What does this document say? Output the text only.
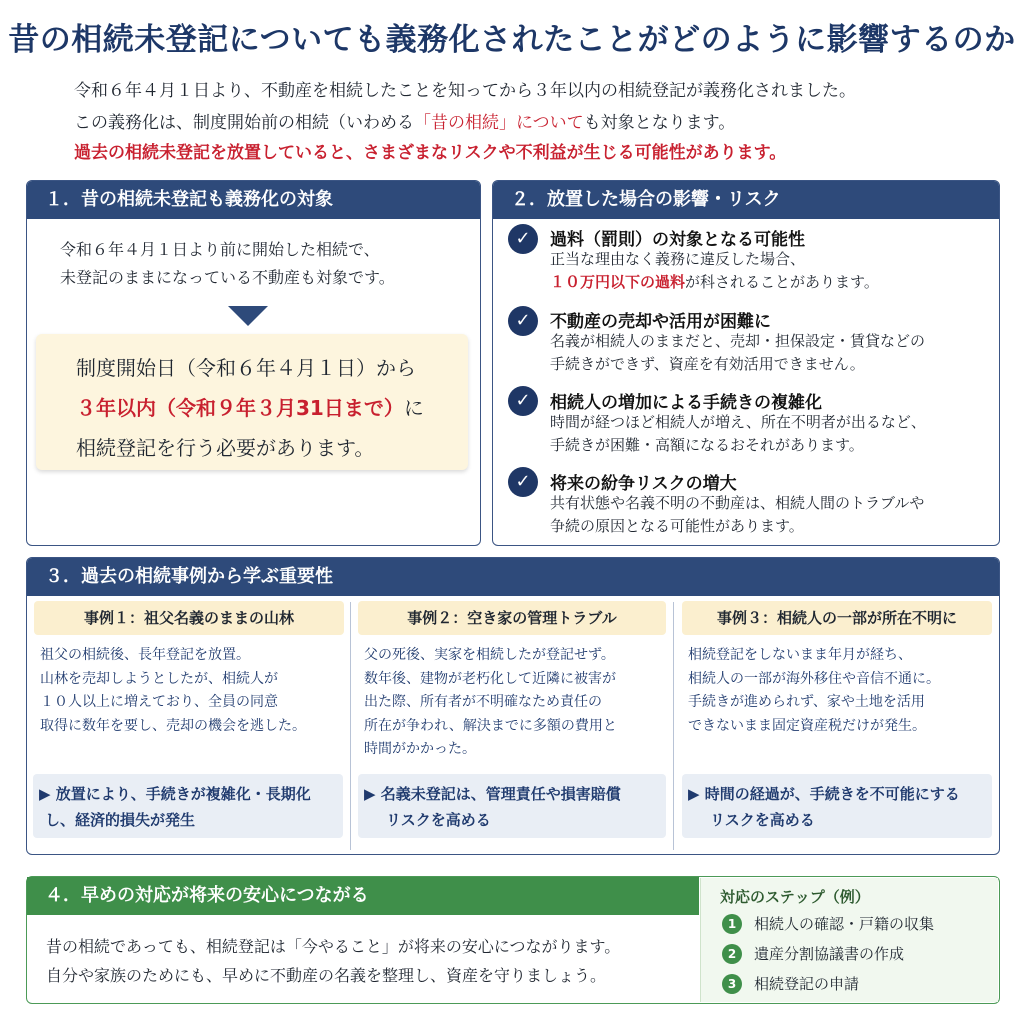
昔の相続未登記についても義務化されたことがどのように影響するのか
令和６年４月１日より、不動産を相続したことを知ってから３年以内の相続登記が義務化されました。
この義務化は、制度開始前の相続（いわめる「昔の相続」についても対象となります。
過去の相続未登記を放置していると、さまざまなリスクや不利益が生じる可能性があります。
１．昔の相続未登記も義務化の対象
令和６年４月１日より前に開始した相続で、
未登記のままになっている不動産も対象です。
制度開始日（令和６年４月１日）から
３年以内（令和９年３月31日まで）に
相続登記を行う必要があります。
２．放置した場合の影響・リスク
✓	過料（罰則）の対象となる可能性
正当な理由なく義務に違反した場合、
１０万円以下の過料が科されることがあります。
✓	不動産の売却や活用が困難に
名義が相続人のままだと、売却・担保設定・賃貸などの
手続きができず、資産を有効活用できません。
✓	相続人の増加による手続きの複雑化
時間が経つほど相続人が増え、所在不明者が出るなど、
手続きが困難・高額になるおそれがあります。
✓	将来の紛争リスクの増大
共有状態や名義不明の不動産は、相続人間のトラブルや
争続の原因となる可能性があります。
３．過去の相続事例から学ぶ重要性
事例１：祖父名義のままの山林
祖父の相続後、長年登記を放置。
山林を売却しようとしたが、相続人が
１０人以上に増えており、全員の同意
取得に数年を要し、売却の機会を逃した。
▶ 放置により、手続きが複雑化・長期化
し、経済的損失が発生
事例２：空き家の管理トラブル
父の死後、実家を相続したが登記せず。
数年後、建物が老朽化して近隣に被害が
出た際、所有者が不明確なため責任の
所在が争われ、解決までに多額の費用と
時間がかかった。
▶ 名義未登記は、管理責任や損害賠償
リスクを高める
事例３：相続人の一部が所在不明に
相続登記をしないまま年月が経ち、
相続人の一部が海外移住や音信不通に。
手続きが進められず、家や土地を活用
できないまま固定資産税だけが発生。
▶ 時間の経過が、手続きを不可能にする
リスクを高める
４．早めの対応が将来の安心につながる
昔の相続であっても、相続登記は「今やること」が将来の安心につながります。
自分や家族のためにも、早めに不動産の名義を整理し、資産を守りましょう。
対応のステップ（例）
1	相続人の確認・戸籍の収集
2	遺産分割協議書の作成
3	相続登記の申請
